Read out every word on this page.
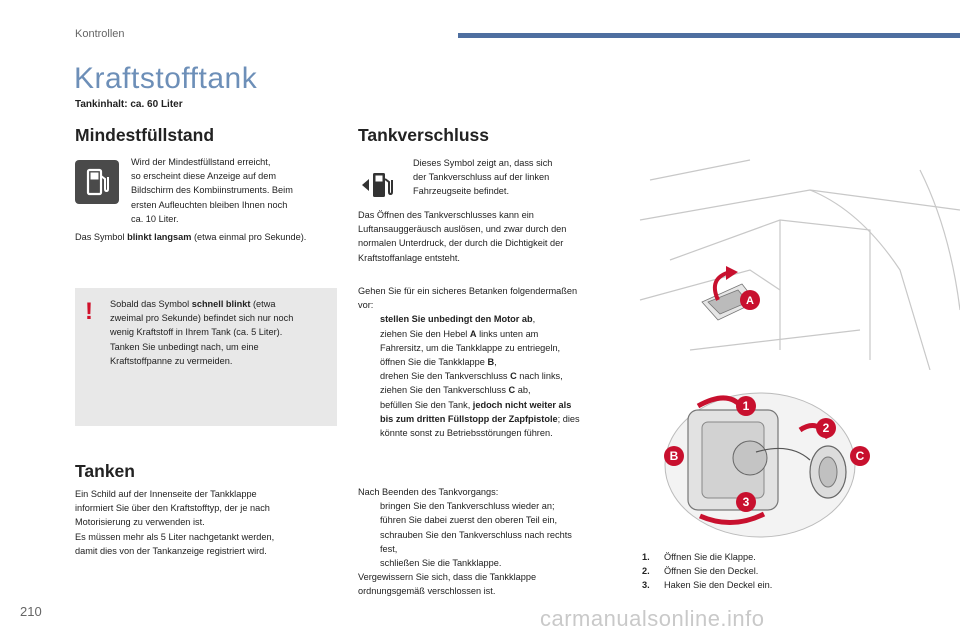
Kontrollen
Kraftstofftank
Tankinhalt: ca. 60 Liter
Mindestfüllstand

Wird der Mindestfüllstand erreicht,

so erscheint diese Anzeige auf dem

Bildschirm des Kombiinstruments. Beim

ersten Aufleuchten bleiben Ihnen noch

ca. 10 Liter.

Das Symbol blinkt langsam (etwa einmal pro Sekunde).

!	Sobald das Symbol schnell blinkt (etwa

zweimal pro Sekunde) befindet sich nur noch

wenig Kraftstoff in Ihrem Tank (ca. 5 Liter).

Tanken Sie unbedingt nach, um eine

Kraftstoffpanne zu vermeiden.

Tanken

Ein Schild auf der Innenseite der Tankklappe

informiert Sie über den Kraftstofftyp, der je nach

Motorisierung zu verwenden ist.

Es müssen mehr als 5 Liter nachgetankt werden,

damit dies von der Tankanzeige registriert wird.

Tankverschluss

Dieses Symbol zeigt an, dass sich

der Tankverschluss auf der linken

Fahrzeugseite befindet.

Das Öffnen des Tankverschlusses kann ein

Luftansauggeräusch auslösen, und zwar durch den

normalen Unterdruck, der durch die Dichtigkeit der

Kraftstoffanlage entsteht.

Gehen Sie für ein sicheres Betanken folgendermaßen

vor:

stellen Sie unbedingt den Motor ab,
ziehen Sie den Hebel A links unten am
Fahrersitz, um die Tankklappe zu entriegeln,
öffnen Sie die Tankklappe B,
drehen Sie den Tankverschluss C nach links,
ziehen Sie den Tankverschluss C ab,
befüllen Sie den Tank, jedoch nicht weiter als
bis zum dritten Füllstopp der Zapfpistole; dies
könnte sonst zu Betriebsstörungen führen.

Nach Beenden des Tankvorgangs:

bringen Sie den Tankverschluss wieder an;
führen Sie dabei zuerst den oberen Teil ein,
schrauben Sie den Tankverschluss nach rechts
fest,
schließen Sie die Tankklappe.

Vergewissern Sie sich, dass die Tankklappe

ordnungsgemäß verschlossen ist.

A
1
2
3
B	C

1. Öffnen Sie die Klappe.

2. Öffnen Sie den Deckel.

3. Haken Sie den Deckel ein.

210	carmanualsonline.info
